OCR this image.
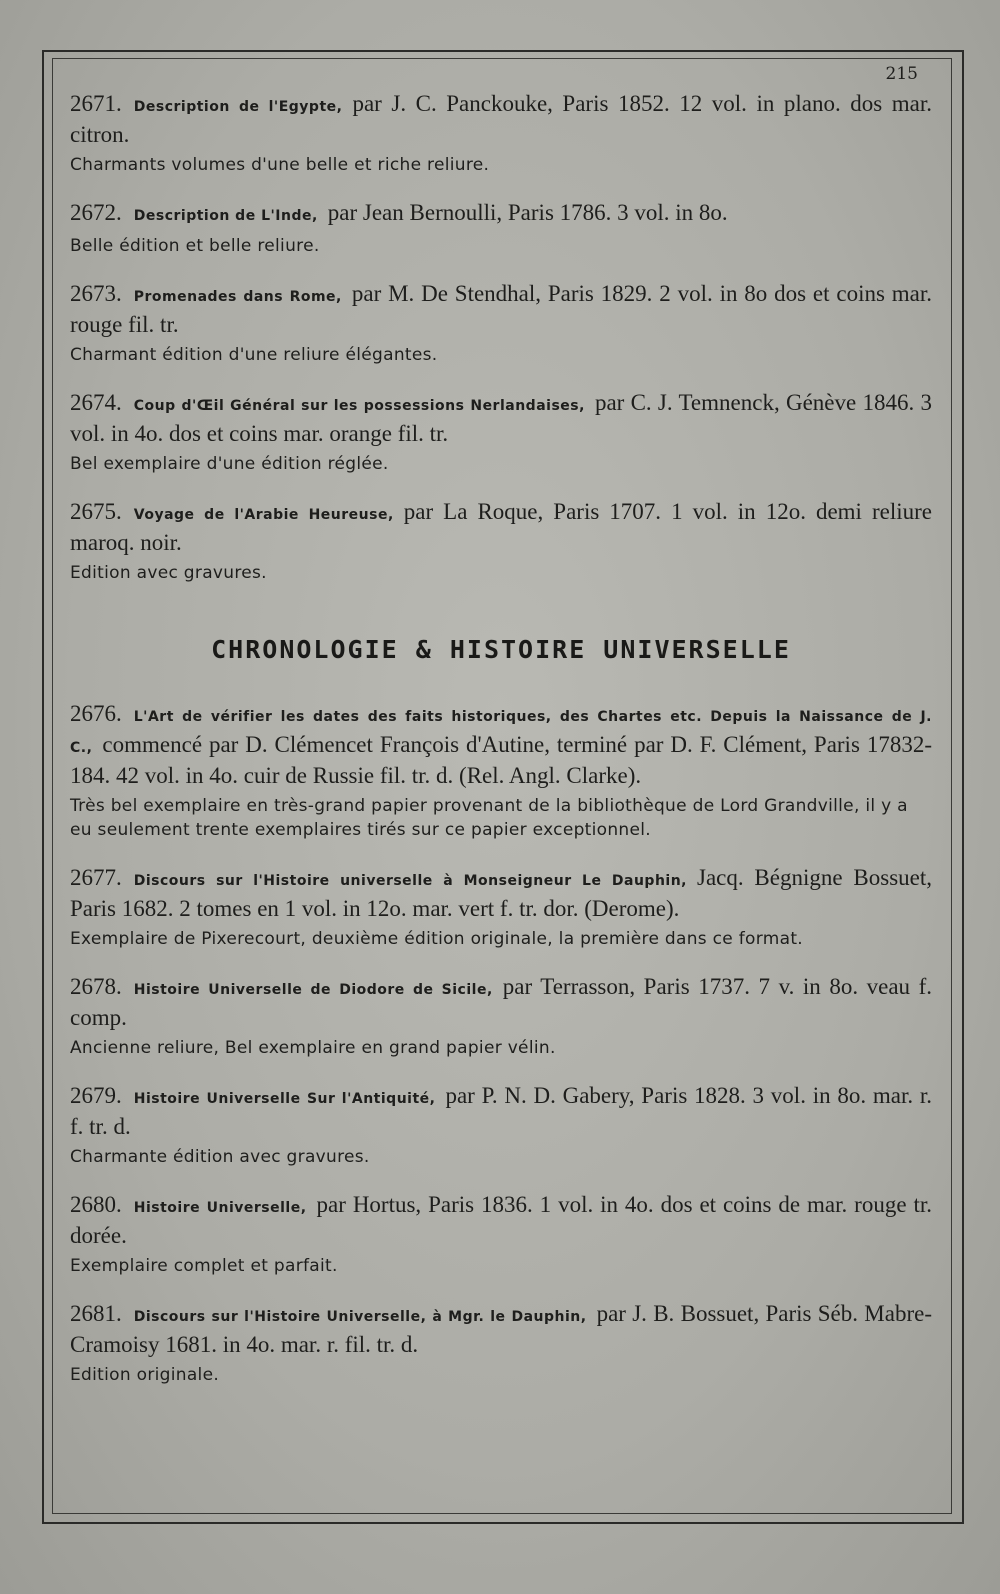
215
2671. Description de l'Egypte, par J. C. Panckouke, Paris 1852. 12 vol. in plano. dos mar. citron.
Charmants volumes d'une belle et riche reliure.
2672. Description de L'Inde, par Jean Bernoulli, Paris 1786. 3 vol. in 8o.
Belle édition et belle reliure.
2673. Promenades dans Rome, par M. De Stendhal, Paris 1829. 2 vol. in 8o dos et coins mar. rouge fil. tr.
Charmant édition d'une reliure élégantes.
2674. Coup d'Œil Général sur les possessions Nerlandaises, par C. J. Temnenck, Génève 1846. 3 vol. in 4o. dos et coins mar. orange fil. tr.
Bel exemplaire d'une édition réglée.
2675. Voyage de l'Arabie Heureuse, par La Roque, Paris 1707. 1 vol. in 12o. demi reliure maroq. noir.
Edition avec gravures.
CHRONOLOGIE & HISTOIRE UNIVERSELLE
2676. L'Art de vérifier les dates des faits historiques, des Chartes etc. Depuis la Naissance de J. C., commencé par D. Clémencet François d'Autine, terminé par D. F. Clément, Paris 17832-184. 42 vol. in 4o. cuir de Russie fil. tr. d. (Rel. Angl. Clarke).
Très bel exemplaire en très-grand papier provenant de la bibliothèque de Lord Grandville, il y a eu seulement trente exemplaires tirés sur ce papier exceptionnel.
2677. Discours sur l'Histoire universelle à Monseigneur Le Dauphin, Jacq. Bégnigne Bossuet, Paris 1682. 2 tomes en 1 vol. in 12o. mar. vert f. tr. dor. (Derome).
Exemplaire de Pixerecourt, deuxième édition originale, la première dans ce format.
2678. Histoire Universelle de Diodore de Sicile, par Terrasson, Paris 1737. 7 v. in 8o. veau f. comp.
Ancienne reliure, Bel exemplaire en grand papier vélin.
2679. Histoire Universelle Sur l'Antiquité, par P. N. D. Gabery, Paris 1828. 3 vol. in 8o. mar. r. f. tr. d.
Charmante édition avec gravures.
2680. Histoire Universelle, par Hortus, Paris 1836. 1 vol. in 4o. dos et coins de mar. rouge tr. dorée.
Exemplaire complet et parfait.
2681. Discours sur l'Histoire Universelle, à Mgr. le Dauphin, par J. B. Bossuet, Paris Séb. Mabre-Cramoisy 1681. in 4o. mar. r. fil. tr. d.
Edition originale.
